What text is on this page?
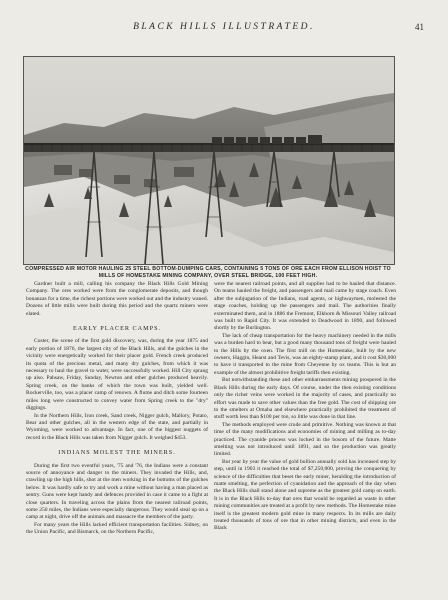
BLACK HILLS ILLUSTRATED.	41
COMPRESSED AIR MOTOR HAULING 25 STEEL BOTTOM-DUMPING CARS, CONTAINING 5 TONS OF ORE EACH FROM ELLISON HOIST TO MILLS OF HOMESTAKE MINING COMPANY, OVER STEEL BRIDGE, 100 FEET HIGH.

Gardner built a mill, calling his company the Black Hills Gold Mining Company. The ores worked were from the conglomerate deposits, and though bonanzas for a time, the richest portions were worked out and the industry waned. Dozens of little mills were built during this period and the quartz miners were elated.

EARLY PLACER CAMPS.

Custer, the scene of the first gold discovery, was, during the year 1875 and early portion of 1876, the largest city of the Black Hills, and the gulches in the vicinity were energetically worked for their placer gold. French creek produced its quota of the precious metal, and many dry gulches, from which it was necessary to haul the gravel to water, were successfully worked. Hill City sprang up also. Pahsaw, Friday, Sunday, Newton and other gulches produced heavily. Spring creek, on the banks of which the town was built, yielded well. Rockerville, too, was a placer camp of renown. A flume and ditch some fourteen miles long were constructed to convey water from Spring creek to the "dry" diggings.

In the Northern Hills, Iron creek, Sand creek, Nigger gulch, Mallory, Potato, Bear and other gulches, all in the western edge of the state, and partially in Wyoming, were worked to advantage. In fact, one of the biggest nuggets of record in the Black Hills was taken from Nigger gulch. It weighed $453.

INDIANS MOLEST THE MINERS.

During the first two eventful years, '75 and '76, the Indians were a constant source of annoyance and danger to the miners. They invaded the Hills, and, crawling up the high hills, shot at the men working in the bottoms of the gulches below. It was hardly safe to try and work a mine without having a man placed as sentry. Guns were kept handy and defences provided in case it came to a fight at close quarters. In traveling across the plains from the nearest railroad points, some 250 miles, the Indians were especially dangerous. They would steal up on a camp at night, drive off the animals and massacre the members of the party.

For many years the Hills lacked efficient transportation facilities. Sidney, on the Union Pacific, and Bismarck, on the Northern Pacific,

were the nearest railroad points, and all supplies had to be hauled that distance. On teams hauled the freight, and passengers and mail came by stage coach. Even after the subjugation of the Indians, road agents, or highwaymen, molested the stage coaches, holding up the passengers and mail. The authorities finally exterminated them, and in 1886 the Fremont, Elkhorn & Missouri Valley railroad was built to Rapid City. It was extended to Deadwood in 1890, and followed shortly by the Burlington.

The lack of cheap transportation for the heavy machinery needed in the mills was a burden hard to bear, but a good many thousand tons of freight were hauled to the Hills by the oxen. The first mill on the Homestake, built by the new owners, Haggin, Hearst and Tevis, was an eighty-stamp plant, and it cost $30,000 to have it transported to the mine from Cheyenne by ox teams. This is but an example of the almost prohibitive freight tariffs then existing.

But notwithstanding these and other embarrassments mining prospered in the Black Hills during the early days. Of course, under the then existing conditions only the richer veins were worked in the majority of cases, and practically no effort was made to save other values than the free gold. The cost of shipping ore to the smelters at Omaha and elsewhere practically prohibited the treatment of stuff worth less than $100 per ton, so little was done in that line.

The methods employed were crude and primitive. Nothing was known at that time of the many modifications and economies of mining and milling as to-day practiced. The cyanide process was locked in the bosom of the future. Matte smelting was not introduced until 1891, and so the production was greatly limited.

But year by year the value of gold bullion annually sold has increased step by step, until in 1903 it reached the total of $7,250,000, proving the conquering by science of the difficulties that beset the early miner, heralding the introduction of matte smelting, the perfection of cyanidation and the approach of the day when the Black Hills shall stand alone and supreme as the greatest gold camp on earth. It is in the Black Hills to-day that ores that would be regarded as waste in other mining communities are treated at a profit by new methods. The Homestake mine itself is the greatest modern gold mine in many respects. In its mills are daily treated thousands of tons of ore that in other mining districts, and even in the Black
